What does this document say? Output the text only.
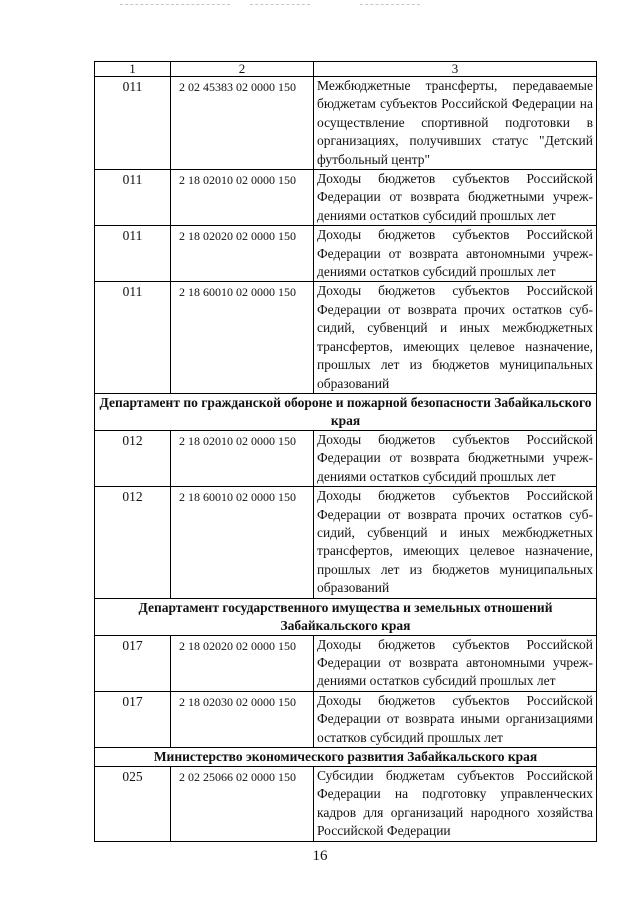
1	2	3
011	2 02 45383 02 0000 150	Межбюджетные трансферты, передаваемые бюджетам субъектов Российской Федерации на осуществление спортивной подготовки в организациях, получивших статус "Детский футбольный центр"
011	2 18 02010 02 0000 150	Доходы бюджетов субъектов Российской Федерации от возврата бюджетными учреждениями остатков субсидий прошлых лет
011	2 18 02020 02 0000 150	Доходы бюджетов субъектов Российской Федерации от возврата автономными учреждениями остатков субсидий прошлых лет
011	2 18 60010 02 0000 150	Доходы бюджетов субъектов Российской Федерации от возврата прочих остатков субсидий, субвенций и иных межбюджетных трансфертов, имеющих целевое назначение, прошлых лет из бюджетов муниципальных образований
Департамент по гражданской обороне и пожарной безопасности Забайкальского края		
012	2 18 02010 02 0000 150	Доходы бюджетов субъектов Российской Федерации от возврата бюджетными учреждениями остатков субсидий прошлых лет
012	2 18 60010 02 0000 150	Доходы бюджетов субъектов Российской Федерации от возврата прочих остатков субсидий, субвенций и иных межбюджетных трансфертов, имеющих целевое назначение, прошлых лет из бюджетов муниципальных образований
Департамент государственного имущества и земельных отношений Забайкальского края		
017	2 18 02020 02 0000 150	Доходы бюджетов субъектов Российской Федерации от возврата автономными учреждениями остатков субсидий прошлых лет
017	2 18 02030 02 0000 150	Доходы бюджетов субъектов Российской Федерации от возврата иными организациями остатков субсидий прошлых лет
Министерство экономического развития Забайкальского края		
025	2 02 25066 02 0000 150	Субсидии бюджетам субъектов Российской Федерации на подготовку управленческих кадров для организаций народного хозяйства Российской Федерации
16
